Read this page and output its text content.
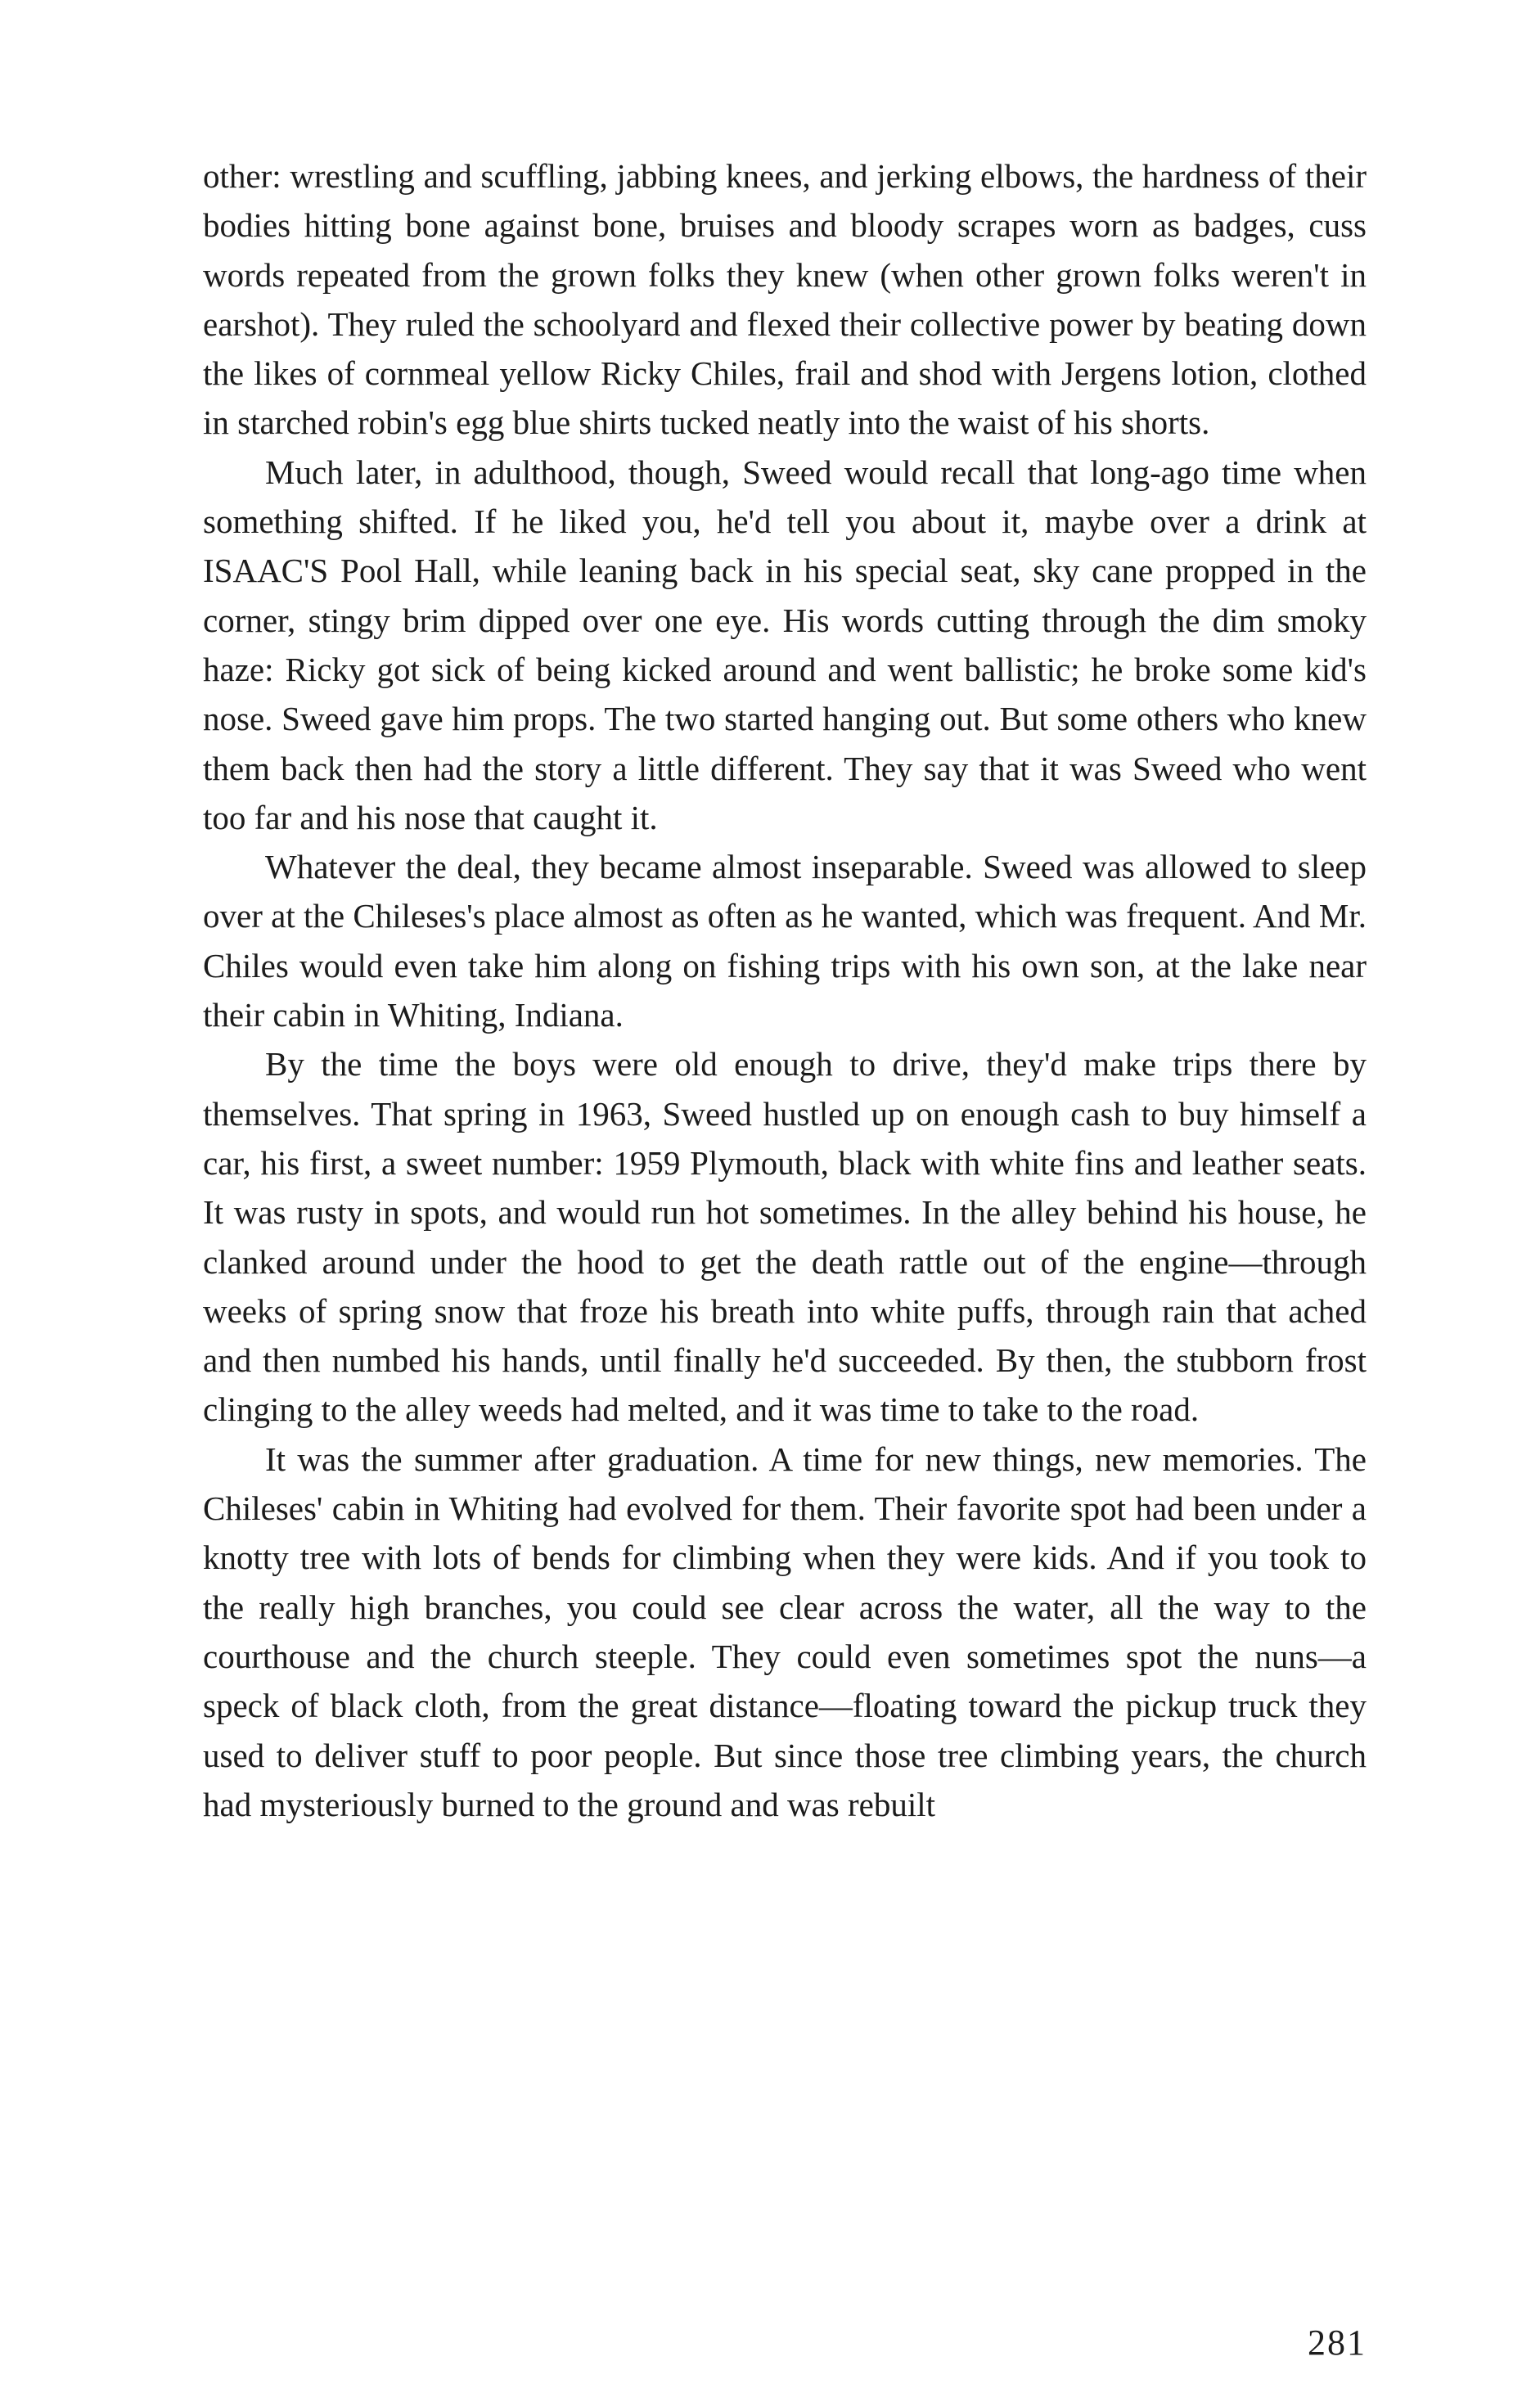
other: wrestling and scuffling, jabbing knees, and jerking elbows, the hardness of their bodies hitting bone against bone, bruises and bloody scrapes worn as badges, cuss words repeated from the grown folks they knew (when other grown folks weren't in earshot). They ruled the schoolyard and flexed their collective power by beating down the likes of cornmeal yellow Ricky Chiles, frail and shod with Jergens lotion, clothed in starched robin's egg blue shirts tucked neatly into the waist of his shorts.

Much later, in adulthood, though, Sweed would recall that long-ago time when something shifted. If he liked you, he'd tell you about it, maybe over a drink at ISAAC'S Pool Hall, while leaning back in his special seat, sky cane propped in the corner, stingy brim dipped over one eye. His words cutting through the dim smoky haze: Ricky got sick of being kicked around and went ballistic; he broke some kid's nose. Sweed gave him props. The two started hanging out. But some others who knew them back then had the story a little different. They say that it was Sweed who went too far and his nose that caught it.

Whatever the deal, they became almost inseparable. Sweed was allowed to sleep over at the Chileses's place almost as often as he wanted, which was frequent. And Mr. Chiles would even take him along on fishing trips with his own son, at the lake near their cabin in Whiting, Indiana.

By the time the boys were old enough to drive, they'd make trips there by themselves. That spring in 1963, Sweed hustled up on enough cash to buy himself a car, his first, a sweet number: 1959 Plymouth, black with white fins and leather seats. It was rusty in spots, and would run hot sometimes. In the alley behind his house, he clanked around under the hood to get the death rattle out of the engine—through weeks of spring snow that froze his breath into white puffs, through rain that ached and then numbed his hands, until finally he'd succeeded. By then, the stubborn frost clinging to the alley weeds had melted, and it was time to take to the road.

It was the summer after graduation. A time for new things, new memories. The Chileses' cabin in Whiting had evolved for them. Their favorite spot had been under a knotty tree with lots of bends for climbing when they were kids. And if you took to the really high branches, you could see clear across the water, all the way to the courthouse and the church steeple. They could even sometimes spot the nuns—a speck of black cloth, from the great distance—floating toward the pickup truck they used to deliver stuff to poor people. But since those tree climbing years, the church had mysteriously burned to the ground and was rebuilt

281
